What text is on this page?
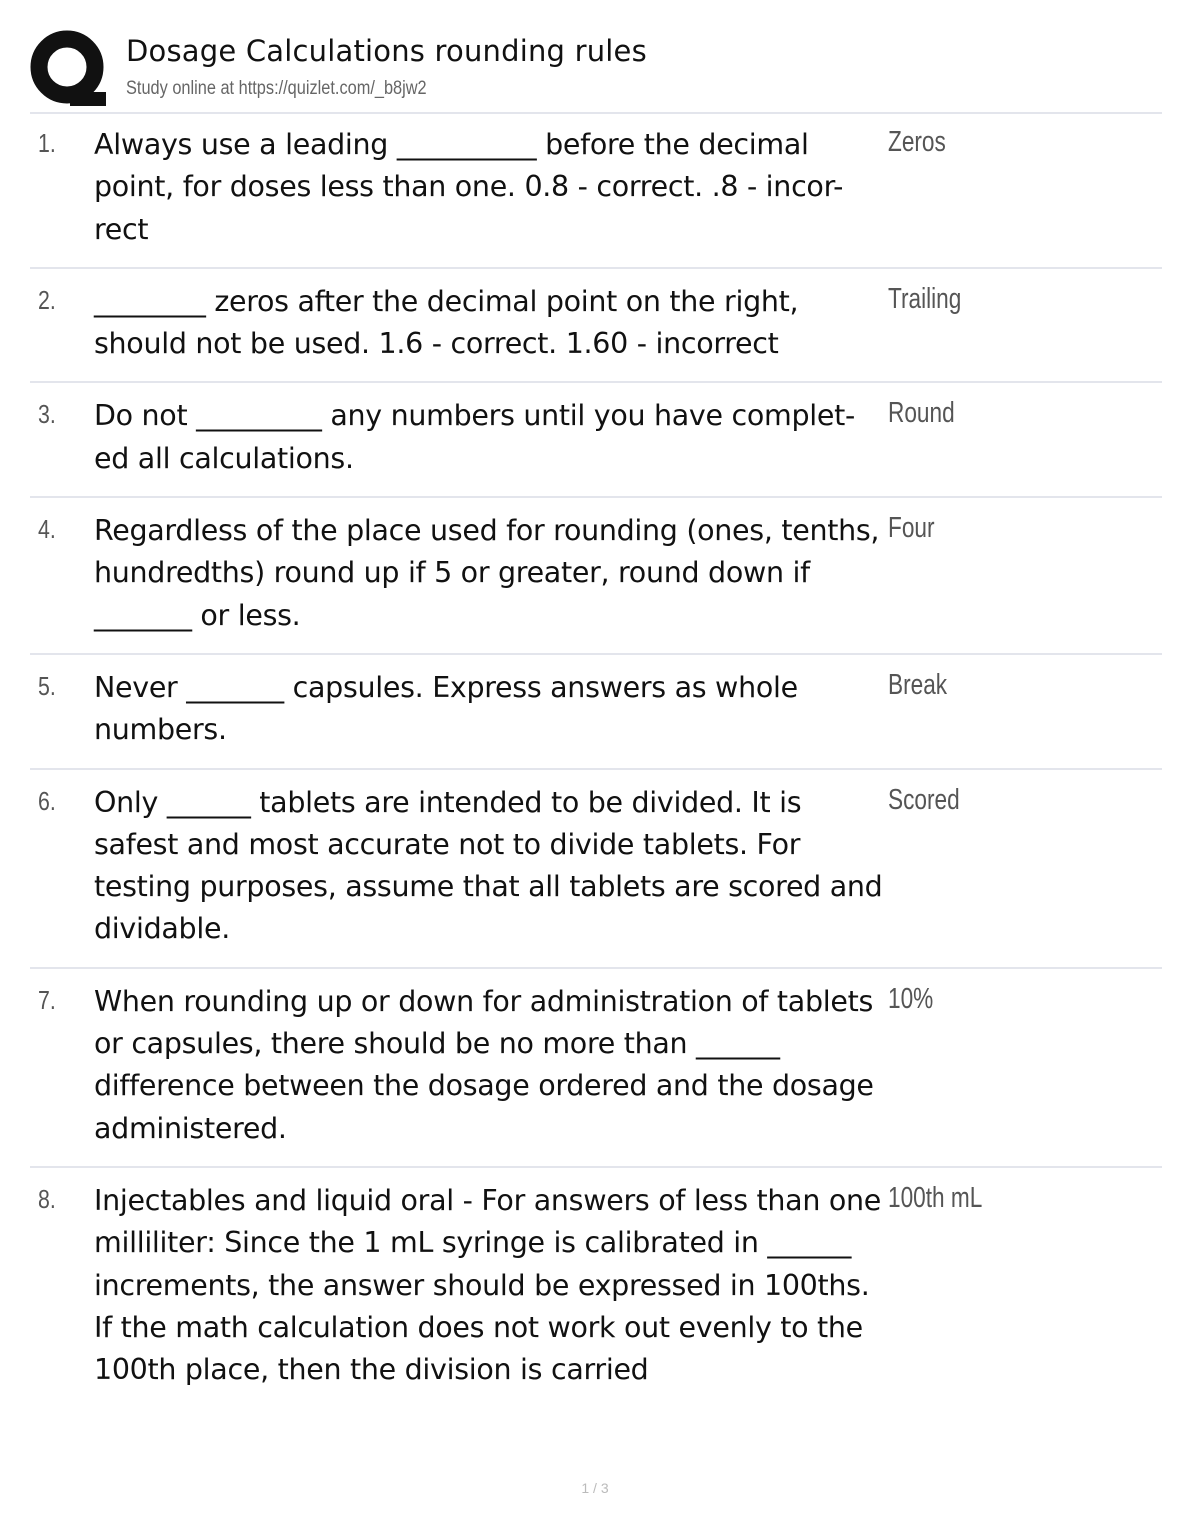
Dosage Calculations rounding rules
Study online at https://quizlet.com/_b8jw2
1. Always use a leading __________ before the decimal point, for doses less than one. 0.8 - correct. .8 - incor-rect
Zeros
2. ________ zeros after the decimal point on the right, should not be used. 1.6 - correct. 1.60 - incorrect
Trailing
3. Do not _________ any numbers until you have complet-ed all calculations.
Round
4. Regardless of the place used for rounding (ones, tenths, hundredths) round up if 5 or greater, round down if _______ or less.
Four
5. Never _______ capsules. Express answers as whole numbers.
Break
6. Only ______ tablets are intended to be divided. It is safest and most accurate not to divide tablets. For testing purposes, assume that all tablets are scored and dividable.
Scored
7. When rounding up or down for administration of tablets or capsules, there should be no more than ______ difference between the dosage ordered and the dosage administered.
10%
8. Injectables and liquid oral - For answers of less than one milliliter: Since the 1 mL syringe is calibrated in ______ increments, the answer should be expressed in 100ths. If the math calculation does not work out evenly to the 100th place, then the division is carried
100th mL
1 / 3
